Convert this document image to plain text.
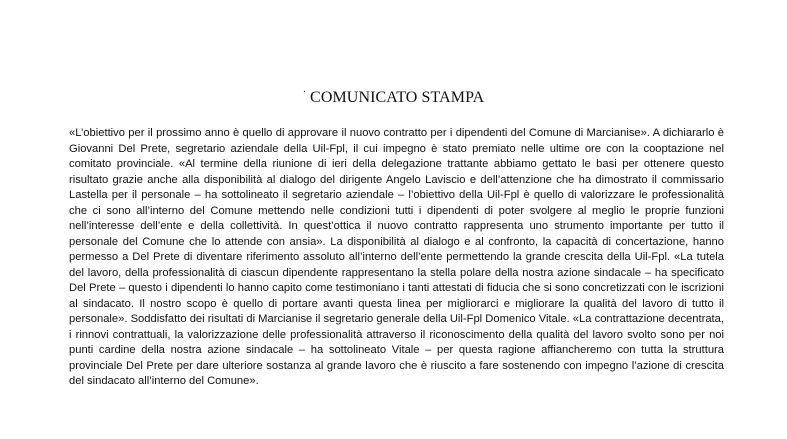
· COMUNICATO STAMPA

«L’obiettivo per il prossimo anno è quello di approvare il nuovo contratto per i dipendenti del Comune di Marcianise». A dichiararlo è Giovanni Del Prete, segretario aziendale della Uil-Fpl, il cui impegno è stato premiato nelle ultime ore con la cooptazione nel comitato provinciale. «Al termine della riunione di ieri della delegazione trattante abbiamo gettato le basi per ottenere questo risultato grazie anche alla disponibilità al dialogo del dirigente Angelo Laviscio e dell’attenzione che ha dimostrato il commissario Lastella per il personale – ha sottolineato il segretario aziendale – l’obiettivo della Uil-Fpl è quello di valorizzare le professionalità che ci sono all’interno del Comune mettendo nelle condizioni tutti i dipendenti di poter svolgere al meglio le proprie funzioni nell’interesse dell’ente e della collettività. In quest’ottica il nuovo contratto rappresenta uno strumento importante per tutto il personale del Comune che lo attende con ansia». La disponibilità al dialogo e al confronto, la capacità di concertazione, hanno permesso a Del Prete di diventare riferimento assoluto all’interno dell’ente permettendo la grande crescita della Uil-Fpl. «La tutela del lavoro, della professionalità di ciascun dipendente rappresentano la stella polare della nostra azione sindacale – ha specificato Del Prete – questo i dipendenti lo hanno capito come testimoniano i tanti attestati di fiducia che si sono concretizzati con le iscrizioni al sindacato. Il nostro scopo è quello di portare avanti questa linea per migliorarci e migliorare la qualità del lavoro di tutto il personale». Soddisfatto dei risultati di Marcianise il segretario generale della Uil-Fpl Domenico Vitale. «La contrattazione decentrata, i rinnovi contrattuali, la valorizzazione delle professionalità attraverso il riconoscimento della qualità del lavoro svolto sono per noi punti cardine della nostra azione sindacale – ha sottolineato Vitale – per questa ragione affiancheremo con tutta la struttura provinciale Del Prete per dare ulteriore sostanza al grande lavoro che è riuscito a fare sostenendo con impegno l’azione di crescita del sindacato all’interno del Comune».
